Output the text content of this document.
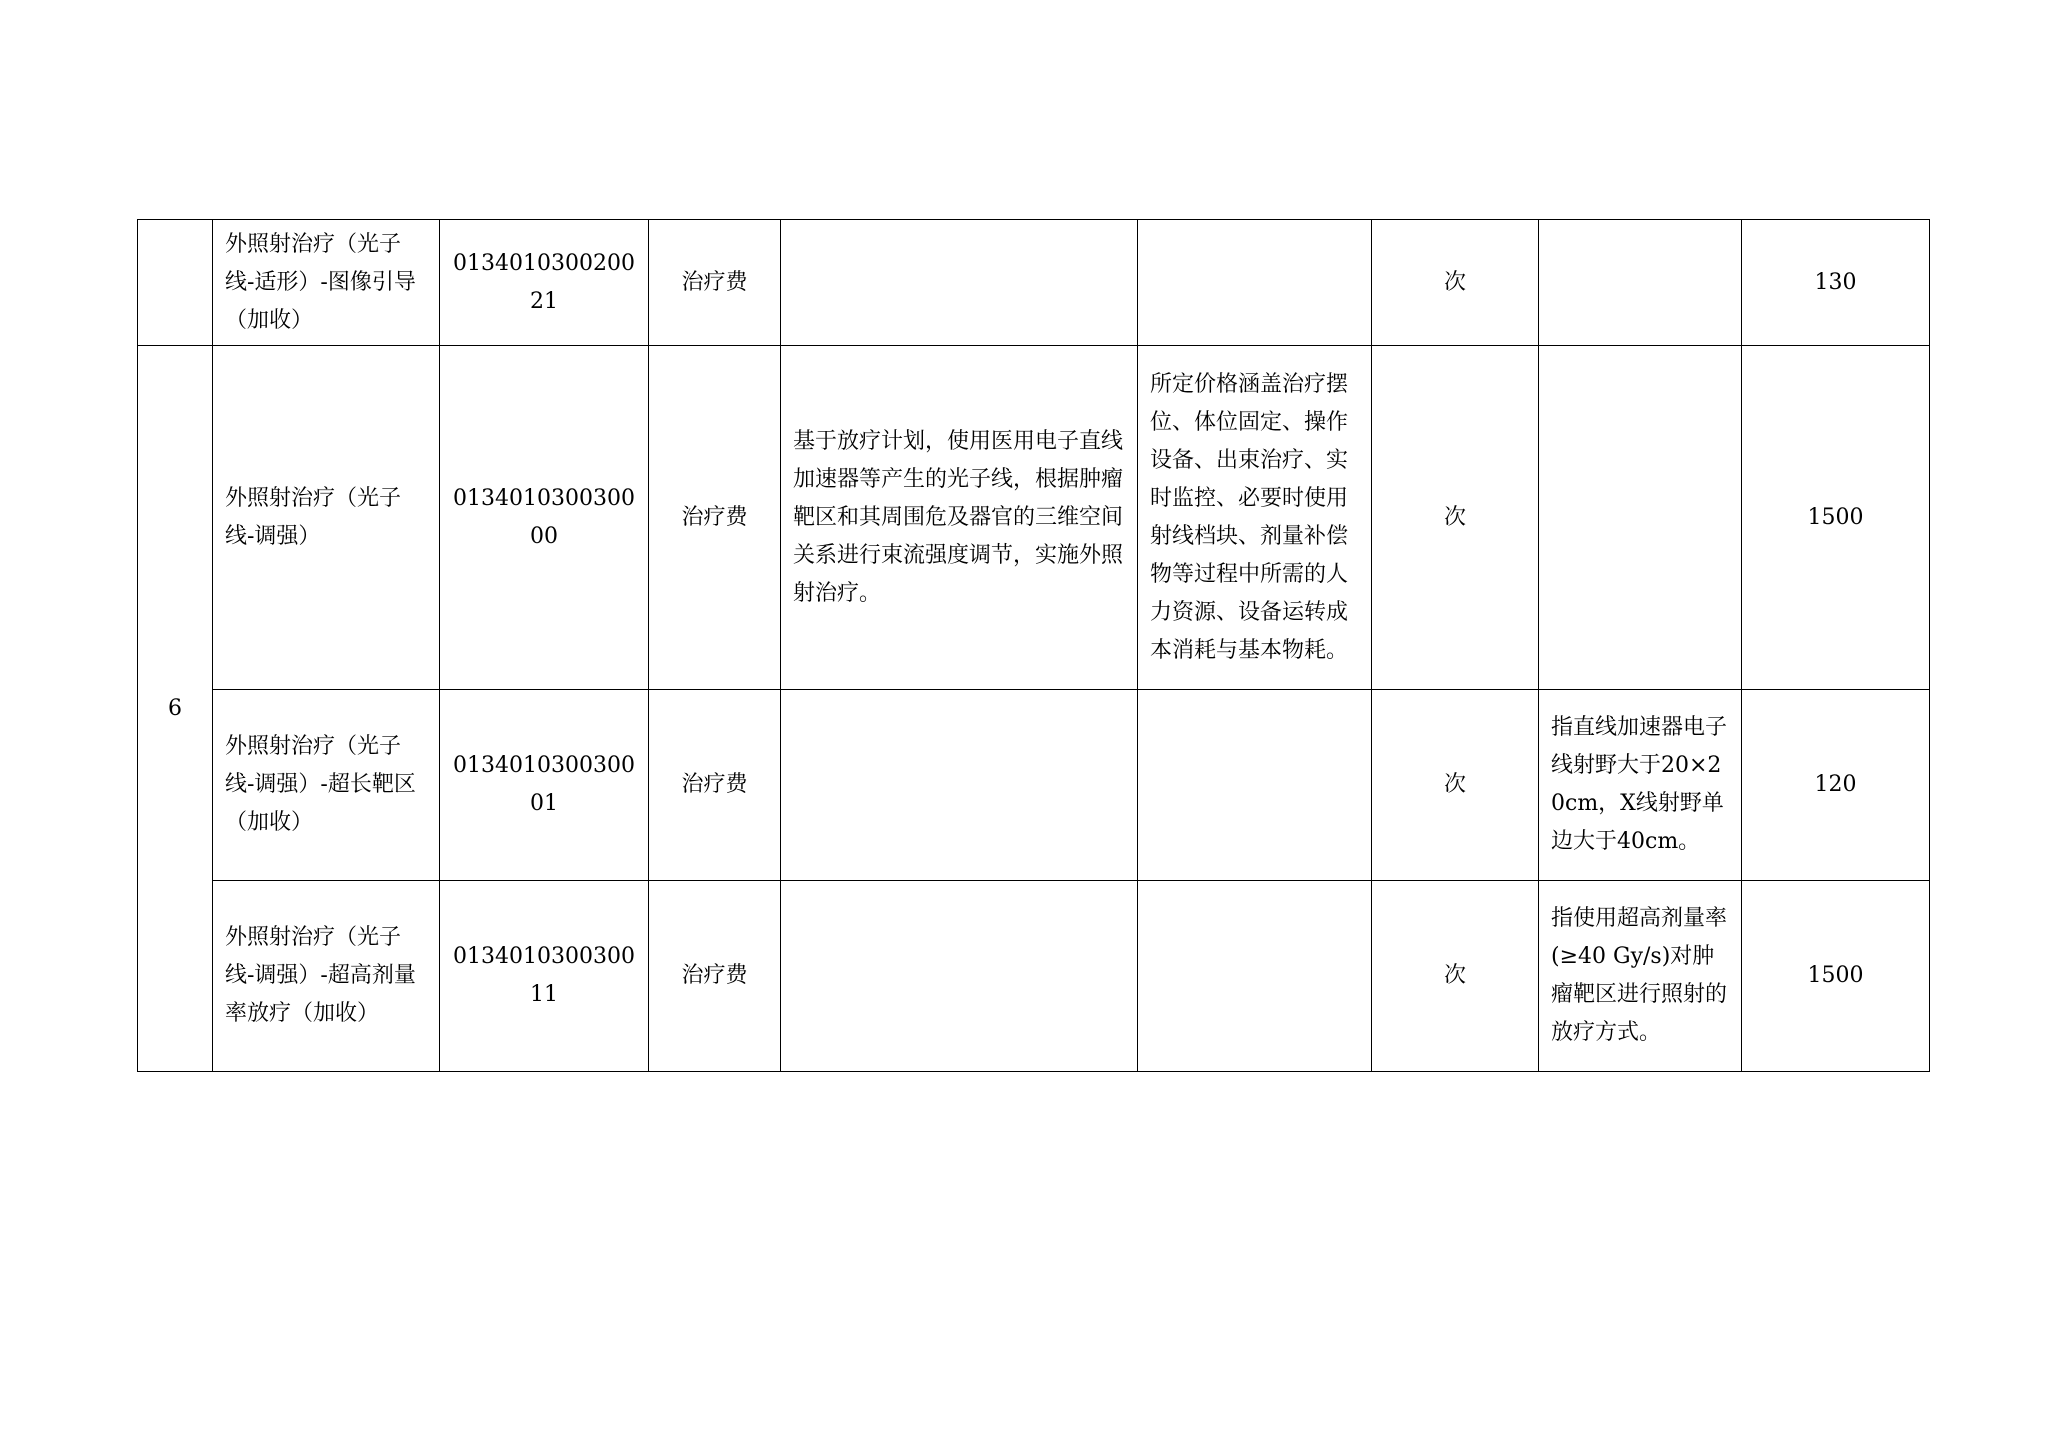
	外照射治疗（光子线-适形）-图像引导（加收）	013401030020021	治疗费			次		130
6	外照射治疗（光子线-调强）	013401030030000	治疗费	基于放疗计划，使用医用电子直线加速器等产生的光子线，根据肿瘤靶区和其周围危及器官的三维空间关系进行束流强度调节，实施外照射治疗。	所定价格涵盖治疗摆位、体位固定、操作设备、出束治疗、实时监控、必要时使用射线档块、剂量补偿物等过程中所需的人力资源、设备运转成本消耗与基本物耗。	次		1500
	外照射治疗（光子线-调强）-超长靶区（加收）	013401030030001	治疗费			次	指直线加速器电子线射野大于20×20cm，X线射野单边大于40cm。	120
	外照射治疗（光子线-调强）-超高剂量率放疗（加收）	013401030030011	治疗费			次	指使用超高剂量率(≥40 Gy/s)对肿瘤靶区进行照射的放疗方式。	1500
